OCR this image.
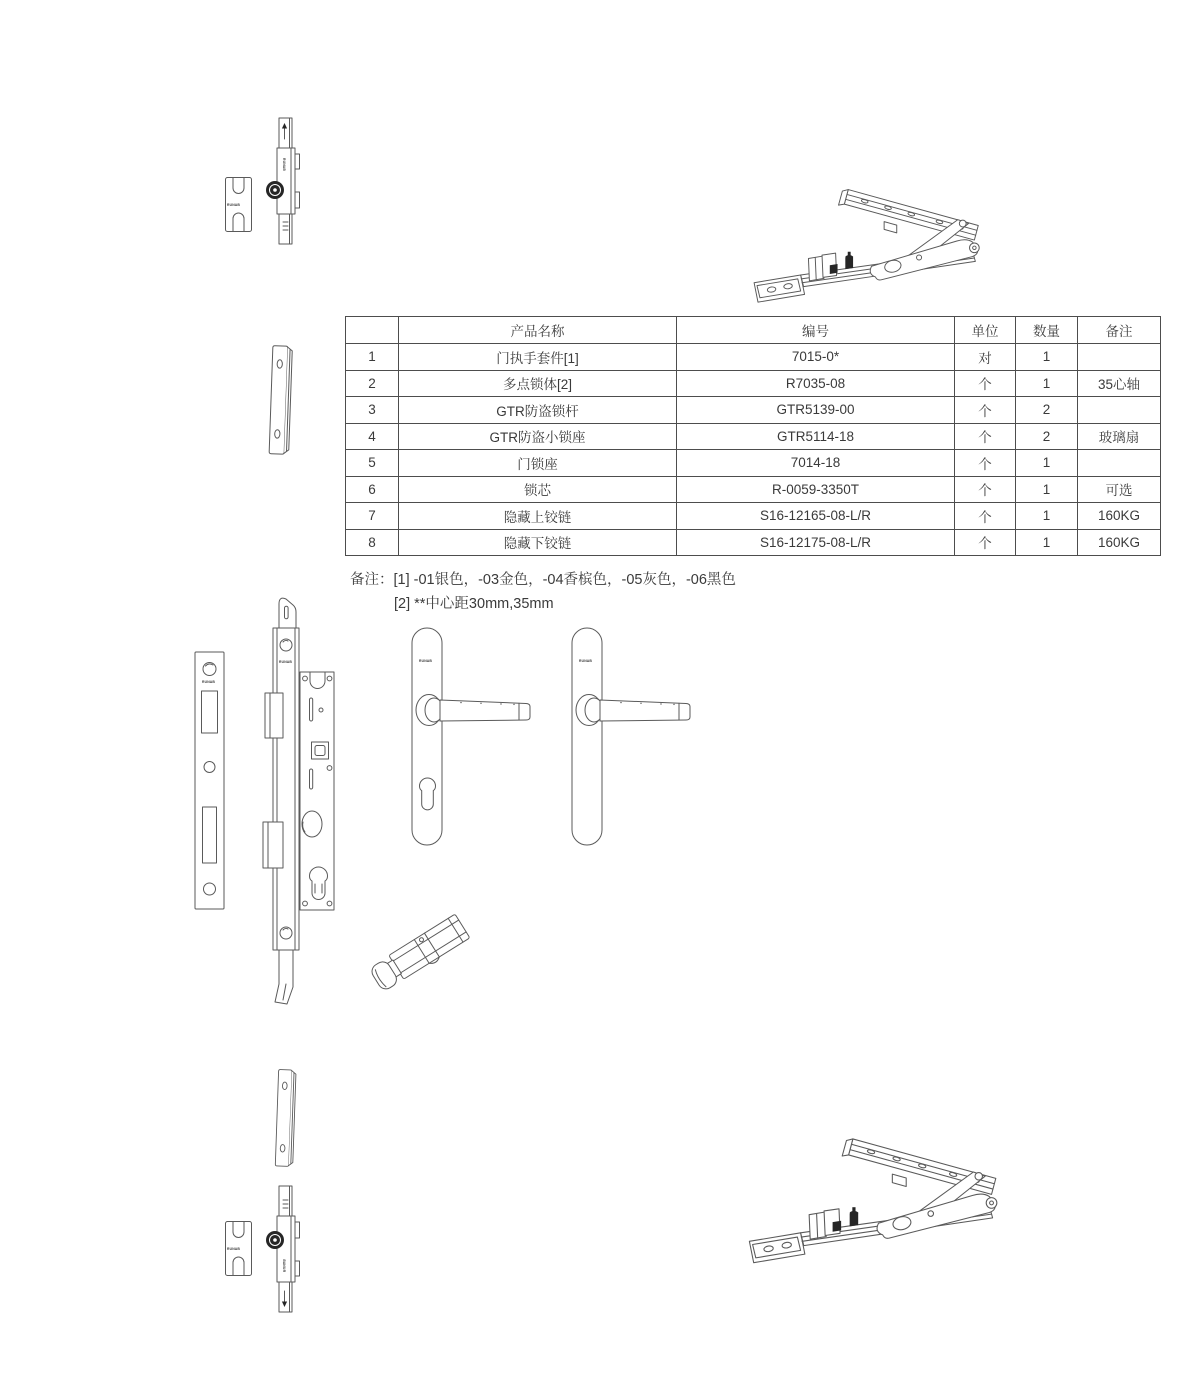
	产品名称	编号	单位	数量	备注
1	门执手套件[1]	7015-0*	对	1	
2	多点锁体[2]	R7035-08	个	1	35心轴
3	GTR防盗锁杆	GTR5139-00	个	2	
4	GTR防盗小锁座	GTR5114-18	个	2	玻璃扇
5	门锁座	7014-18	个	1	
6	锁芯	R-0059-3350T	个	1	可选
7	隐藏上铰链	S16-12165-08-L/R	个	1	160KG
8	隐藏下铰链	S16-12175-08-L/R	个	1	160KG
备注： [1] -01银色，-03金色，-04香槟色，-05灰色，-06黑色
[2] **中心距30mm,35mm
RUNAB
RUNAB
